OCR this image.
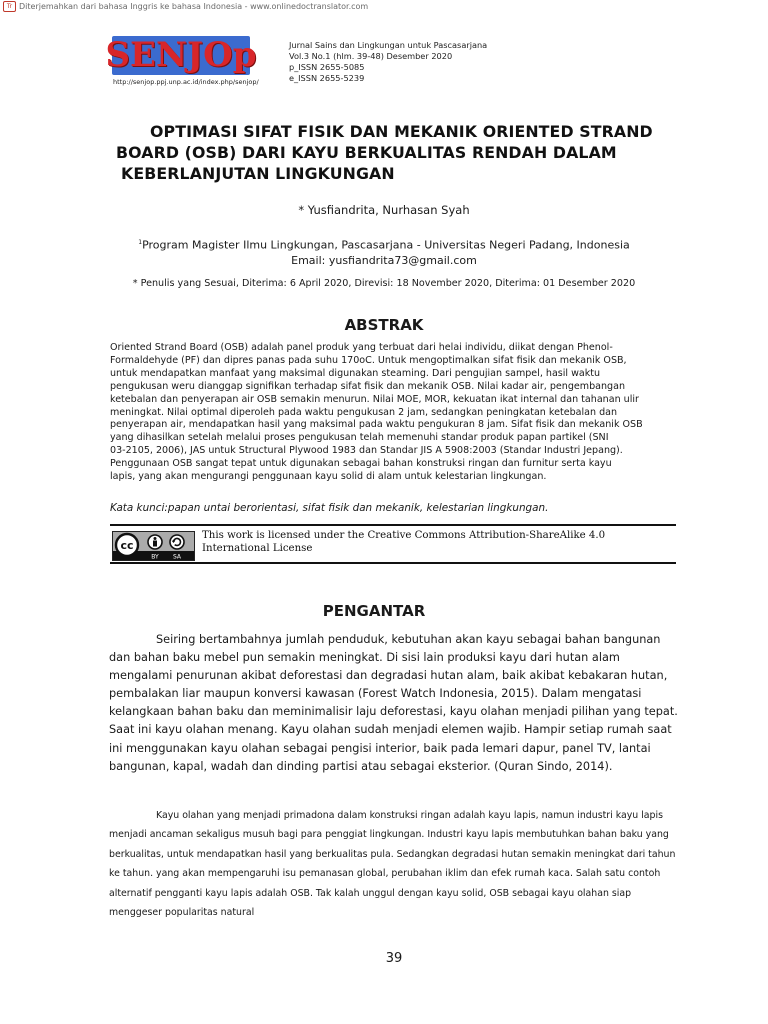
Tr Diterjemahkan dari bahasa Inggris ke bahasa Indonesia - www.onlinedoctranslator.com
SENJOp
http://senjop.ppj.unp.ac.id/index.php/senjop/
Jurnal Sains dan Lingkungan untuk Pascasarjana
Vol.3 No.1 (hlm. 39-48) Desember 2020
p_ISSN 2655-5085
e_ISSN 2655-5239
OPTIMASI SIFAT FISIK DAN MEKANIK ORIENTED STRAND
BOARD (OSB) DARI KAYU BERKUALITAS RENDAH DALAM
KEBERLANJUTAN LINGKUNGAN
* Yusfiandrita, Nurhasan Syah
$^1$Program Magister Ilmu Lingkungan, Pascasarjana - Universitas Negeri Padang, Indonesia
Email: yusfiandrita73@gmail.com
* Penulis yang Sesuai, Diterima: 6 April 2020, Direvisi: 18 November 2020, Diterima: 01 Desember 2020
ABSTRAK
Oriented Strand Board (OSB) adalah panel produk yang terbuat dari helai individu, diikat dengan Phenol-
Formaldehyde (PF) dan dipres panas pada suhu 170oC. Untuk mengoptimalkan sifat fisik dan mekanik OSB,
untuk mendapatkan manfaat yang maksimal digunakan steaming. Dari pengujian sampel, hasil waktu
pengukusan weru dianggap signifikan terhadap sifat fisik dan mekanik OSB. Nilai kadar air, pengembangan
ketebalan dan penyerapan air OSB semakin menurun. Nilai MOE, MOR, kekuatan ikat internal dan tahanan ulir
meningkat. Nilai optimal diperoleh pada waktu pengukusan 2 jam, sedangkan peningkatan ketebalan dan
penyerapan air, mendapatkan hasil yang maksimal pada waktu pengukuran 8 jam. Sifat fisik dan mekanik OSB
yang dihasilkan setelah melalui proses pengukusan telah memenuhi standar produk papan partikel (SNI
03-2105, 2006), JAS untuk Structural Plywood 1983 dan Standar JIS A 5908:2003 (Standar Industri Jepang).
Penggunaan OSB sangat tepat untuk digunakan sebagai bahan konstruksi ringan dan furnitur serta kayu
lapis, yang akan mengurangi penggunaan kayu solid di alam untuk kelestarian lingkungan.
Kata kunci:papan untai berorientasi, sifat fisik dan mekanik, kelestarian lingkungan.
cc
BY SA
This work is licensed under the Creative Commons Attribution-ShareAlike 4.0
International License
PENGANTAR
Seiring bertambahnya jumlah penduduk, kebutuhan akan kayu sebagai bahan bangunan dan bahan baku mebel pun semakin meningkat. Di sisi lain produksi kayu dari hutan alam mengalami penurunan akibat deforestasi dan degradasi hutan alam, baik akibat kebakaran hutan, pembalakan liar maupun konversi kawasan (Forest Watch Indonesia, 2015). Dalam mengatasi kelangkaan bahan baku dan meminimalisir laju deforestasi, kayu olahan menjadi pilihan yang tepat. Saat ini kayu olahan menang. Kayu olahan sudah menjadi elemen wajib. Hampir setiap rumah saat ini menggunakan kayu olahan sebagai pengisi interior, baik pada lemari dapur, panel TV, lantai bangunan, kapal, wadah dan dinding partisi atau sebagai eksterior. (Quran Sindo, 2014).
Kayu olahan yang menjadi primadona dalam konstruksi ringan adalah kayu lapis, namun industri kayu lapis menjadi ancaman sekaligus musuh bagi para penggiat lingkungan. Industri kayu lapis membutuhkan bahan baku yang berkualitas, untuk mendapatkan hasil yang berkualitas pula. Sedangkan degradasi hutan semakin meningkat dari tahun ke tahun. yang akan mempengaruhi isu pemanasan global, perubahan iklim dan efek rumah kaca. Salah satu contoh alternatif pengganti kayu lapis adalah OSB. Tak kalah unggul dengan kayu solid, OSB sebagai kayu olahan siap menggeser popularitas natural
39
